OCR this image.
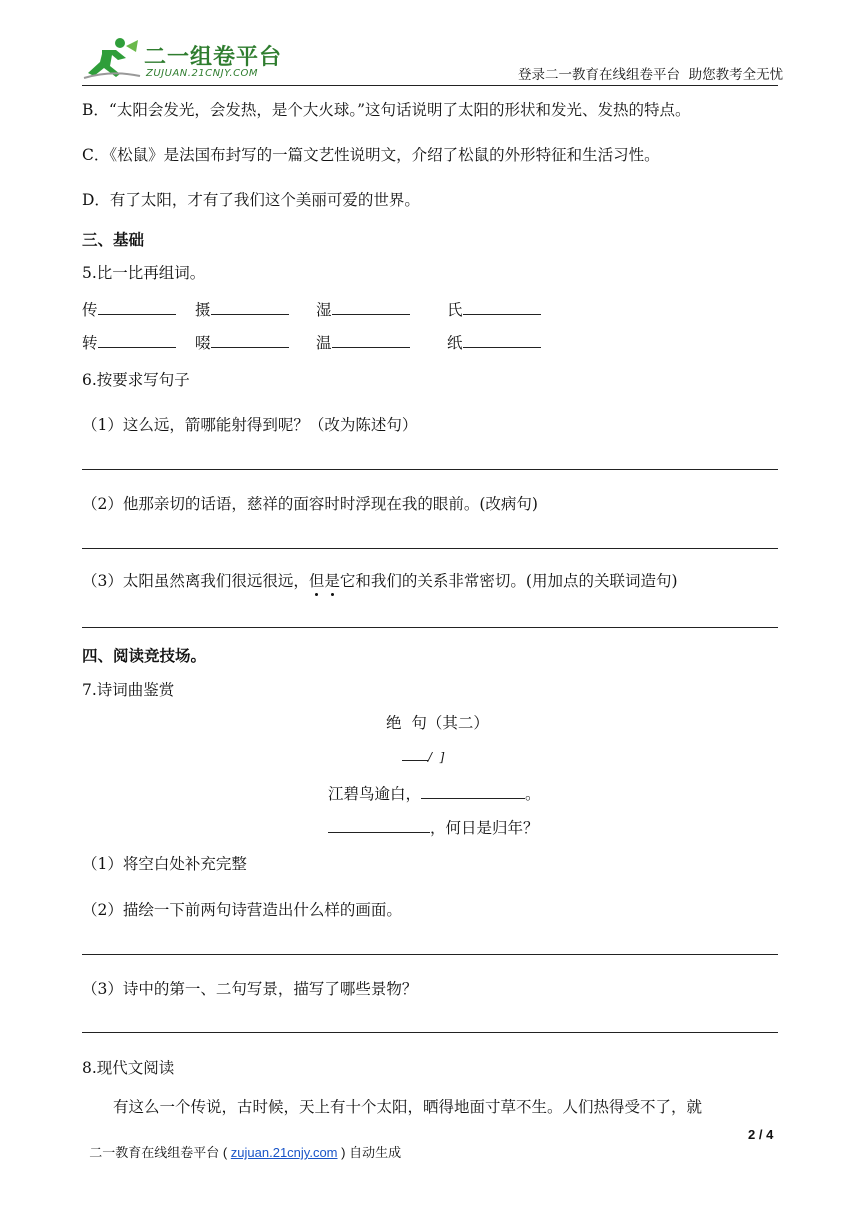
二一组卷平台
ZUJUAN.21CNJY.COM	登录二一教育在线组卷平台  助您教考全无忧
B．“太阳会发光，会发热，是个大火球。”这句话说明了太阳的形状和发光、发热的特点。
C．《松鼠》是法国布封写的一篇文艺性说明文，介绍了松鼠的外形特征和生活习性。
D．有了太阳，才有了我们这个美丽可爱的世界。
三、基础
5.比一比再组词。
传	摄	湿	氏
转	啜	温	纸
6.按要求写句子
（1）这么远，箭哪能射得到呢？（改为陈述句）
（2）他那亲切的话语，慈祥的面容时时浮现在我的眼前。(改病句)
（3）太阳虽然离我们很远很远，但是它和我们的关系非常密切。(用加点的关联词造句)
四、阅读竞技场。
7.诗词曲鉴赏
绝  句（其二）
/  ]
江碧鸟逾白，	。
，何日是归年？
（1）将空白处补充完整
（2）描绘一下前两句诗营造出什么样的画面。
（3）诗中的第一、二句写景，描写了哪些景物？
8.现代文阅读
有这么一个传说，古时候，天上有十个太阳，晒得地面寸草不生。人们热得受不了，就

二一教育在线组卷平台 ( zujuan.21cnjy.com ) 自动生成

2 / 4
